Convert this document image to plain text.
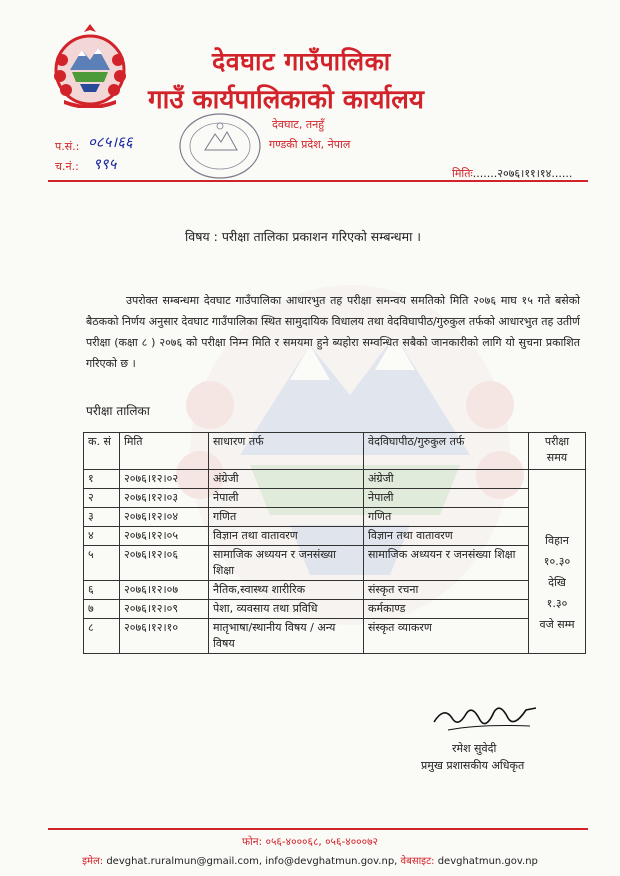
देवघाट गाउँपालिका
गाउँ कार्यपालिकाको कार्यालय
देवघाट, तनहुँ
गण्डकी प्रदेश, नेपाल
प.सं.: ०८५।६६
च.नं.: ९९५
मितिः.......२०७६।११।१४......
विषय : परीक्षा तालिका प्रकाशन गरिएको सम्बन्धमा ।
उपरोक्त सम्बन्धमा देवघाट गाउँपालिका आधारभुत तह परीक्षा समन्वय समतिको मिति २०७६ माघ १५ गते बसेको बैठकको निर्णय अनुसार देवघाट गाउँपालिका स्थित सामुदायिक विधालय तथा वेदविघापीठ/गुरुकुल तर्फको आधारभुत तह उतीर्ण परीक्षा (कक्षा ८ ) २०७६ को परीक्षा निम्न मिति र समयमा हुने ब्यहोरा सम्वन्धित सबैको जानकारीको लागि यो सुचना प्रकाशित गरिएको छ ।
परीक्षा तालिका
क. सं	मिति	साधारण तर्फ	वेदविघापीठ/गुरुकुल तर्फ	परीक्षा समय
१	२०७६।१२।०२	अंग्रेजी	अंग्रेजी	विहान
१०.३०
देखि
१.३०
वजे सम्म

२	२०७६।१२।०३	नेपाली	नेपाली	
३	२०७६।१२।०४	गणित	गणित	
४	२०७६।१२।०५	विज्ञान तथा वातावरण	विज्ञान तथा वातावरण	
५	२०७६।१२।०६	सामाजिक अध्ययन र जनसंख्या शिक्षा	सामाजिक अध्ययन र जनसंख्या शिक्षा	
६	२०७६।१२।०७	नैतिक,स्वास्थ्य शारीरिक	संस्कृत रचना	
७	२०७६।१२।०९	पेशा, व्यवसाय तथा प्रविधि	कर्मकाण्ड	
८	२०७६।१२।१०	मातृभाषा/स्थानीय विषय / अन्य विषय	संस्कृत व्याकरण	
रमेश सुवेदी
प्रमुख प्रशासकीय अधिकृत
फोन: ०५६-४०००६८, ०५६-४०००७२
इमेल: devghat.ruralmun@gmail.com, info@devghatmun.gov.np, वेबसाइट: devghatmun.gov.np
